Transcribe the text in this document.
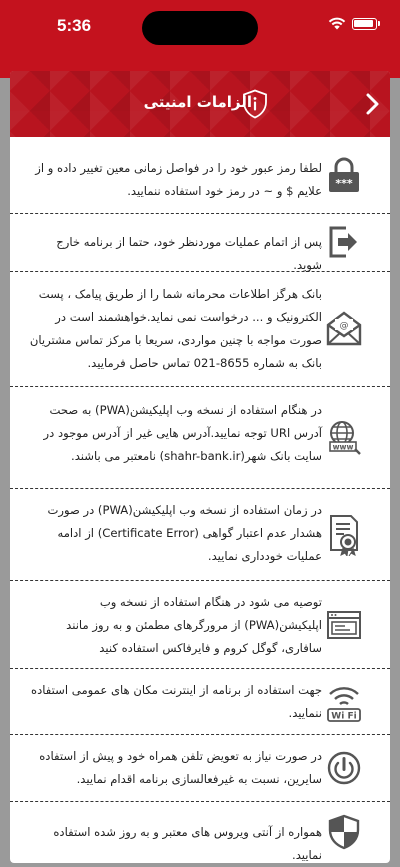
5:36
الزامات امنیتی
لطفا رمز عبور خود را در فواصل زمانی معین تغییر داده و از علایم $ و ~ در رمز خود استفاده ننمایید.
***
پس از اتمام عملیات موردنظر خود، حتما از برنامه خارج شوید.
بانک هرگز اطلاعات محرمانه شما را از طریق پیامک ، پست الکترونیک و ... درخواست نمی نماید.خواهشمند است در صورت مواجه با چنین مواردی، سریعا با مرکز تماس مشتریان بانک به شماره 8655-021 تماس حاصل فرمایید.
@
در هنگام استفاده از نسخه وب اپلیکیشن(PWA) به صحت آدرس URl توجه نمایید.آدرس هایی غیر از آدرس موجود در سایت بانک شهر(shahr-bank.ir) نامعتبر می باشند.
www
در زمان استفاده از نسخه وب اپلیکیشن(PWA) در صورت هشدار عدم اعتبار گواهی (Certificate Error) از ادامه عملیات خودداری نمایید.
توصیه می شود در هنگام استفاده از نسخه وب اپلیکیشن(PWA) از مرورگرهای مطمئن و به روز مانند سافاری، گوگل کروم و فایرفاکس استفاده کنید
جهت استفاده از برنامه از اینترنت مکان های عمومی استفاده ننمایید. Wi Fi
در صورت نیاز به تعویض تلفن همراه خود و پیش از استفاده سایرین، نسبت به غیرفعالسازی برنامه اقدام نمایید.
همواره از آنتی ویروس های معتبر و به روز شده استفاده نمایید.
